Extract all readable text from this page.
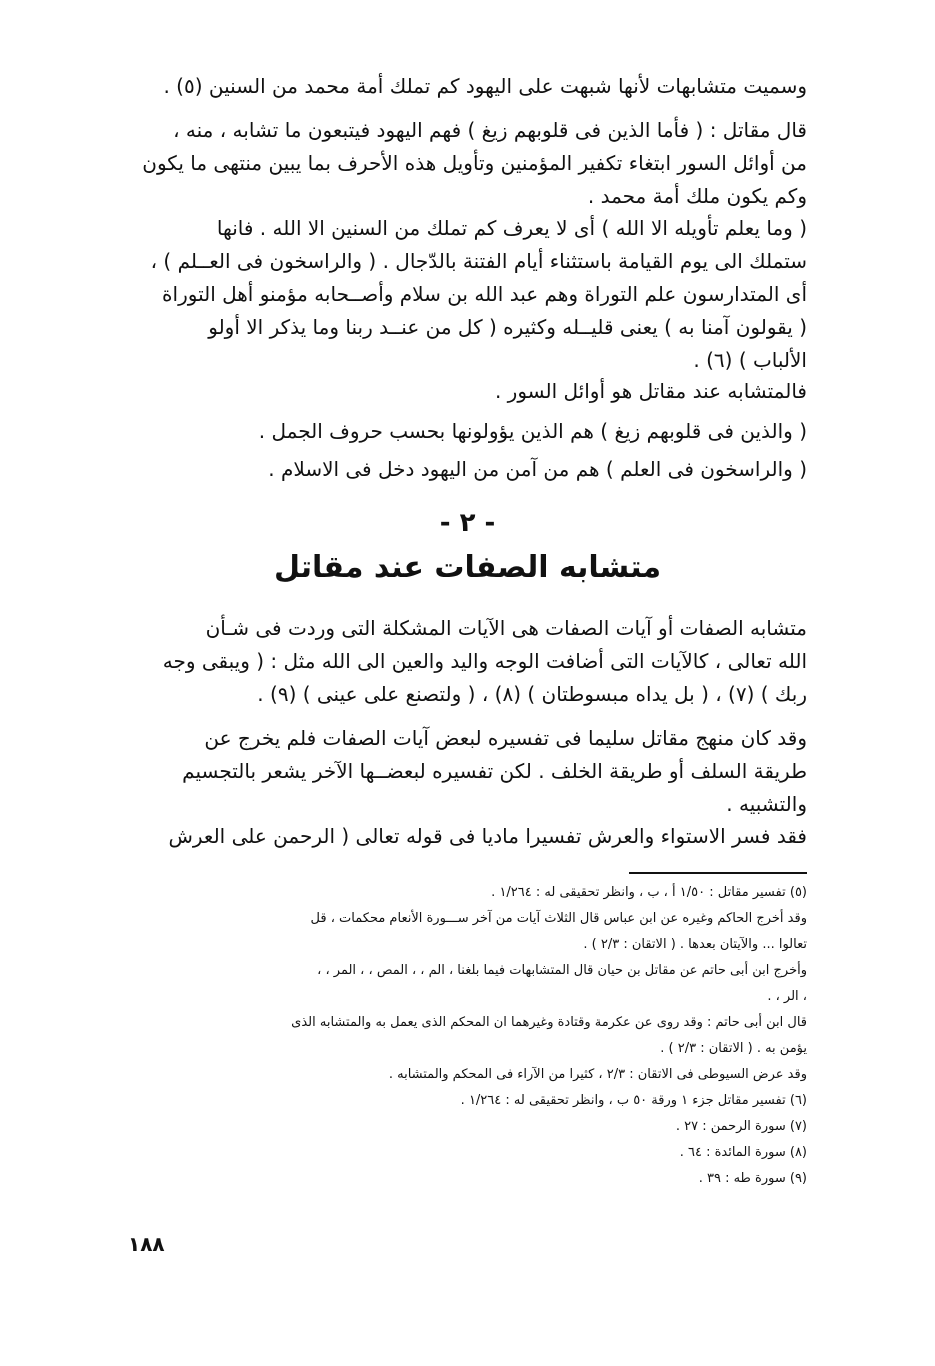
وسميت متشابهات لأنها شبهت على اليهود كم تملك أمة محمد من السنين (٥) .

قال مقاتل : ( فأما الذين فى قلوبهم زيغ ) فهم اليهود فيتبعون ما تشابه ، منه ،
من أوائل السور ابتغاء تكفير المؤمنين وتأويل هذه الأحرف بما يبين منتهى ما يكون
وكم يكون ملك أمة محمد .

( وما يعلم تأويله الا الله ) أى لا يعرف كم تملك من السنين الا الله . فانها
ستملك الى يوم القيامة باستثناء أيام الفتنة بالدّجال . ( والراسخون فى العــلم ) ،
أى المتدارسون علم التوراة وهم عبد الله بن سلام وأصــحابه مؤمنو أهل التوراة
( يقولون آمنا به ) يعنى قليــله وكثيره ( كل من عنــد ربنا وما يذكر الا أولو
الألباب ) (٦) .

فالمتشابه عند مقاتل هو أوائل السور .

( والذين فى قلوبهم زيغ ) هم الذين يؤولونها بحسب حروف الجمل .

( والراسخون فى العلم ) هم من آمن من اليهود دخل فى الاسلام .

- ٢ -
متشابه الصفات عند مقاتل

متشابه الصفات أو آيات الصفات هى الآيات المشكلة التى وردت فى شـأن
الله تعالى ، كالآيات التى أضافت الوجه واليد والعين الى الله مثل : ( ويبقى وجه
ربك ) (٧) ، ( بل يداه مبسوطتان ) (٨) ، ( ولتصنع على عينى ) (٩) .

وقد كان منهج مقاتل سليما فى تفسيره لبعض آيات الصفات فلم يخرج عن
طريقة السلف أو طريقة الخلف . لكن تفسيره لبعضــها الآخر يشعر بالتجسيم
والتشبيه .

فقد فسر الاستواء والعرش تفسيرا ماديا فى قوله تعالى ( الرحمن على العرش

(٥) تفسير مقاتل : ١/٥٠ أ ، ب ، وانظر تحقيقى له : ١/٢٦٤ .
وقد أخرج الحاكم وغيره عن ابن عباس قال الثلاث آيات من آخر ســـورة الأنعام محكمات ، قل
تعالوا ... والآيتان بعدها . ( الاتقان : ٢/٣ ) .
وأخرج ابن أبى حاتم عن مقاتل بن حيان قال المتشابهات فيما بلغنا ، الم ، ، المص ، ، المر ، ،
، الر ، .
قال ابن أبى حاتم : وقد روى عن عكرمة وقتادة وغيرهما ان المحكم الذى يعمل به والمتشابه الذى
يؤمن به . ( الاتقان : ٢/٣ ) .
وقد عرض السيوطى فى الاتقان : ٢/٣ ، كثيرا من الآراء فى المحكم والمتشابه .
(٦) تفسير مقاتل جزء ١ ورقة ٥٠ ب ، وانظر تحقيقى له : ١/٢٦٤ .
(٧) سورة الرحمن : ٢٧ .
(٨) سورة المائدة : ٦٤ .
(٩) سورة طه : ٣٩ .
١٨٨
